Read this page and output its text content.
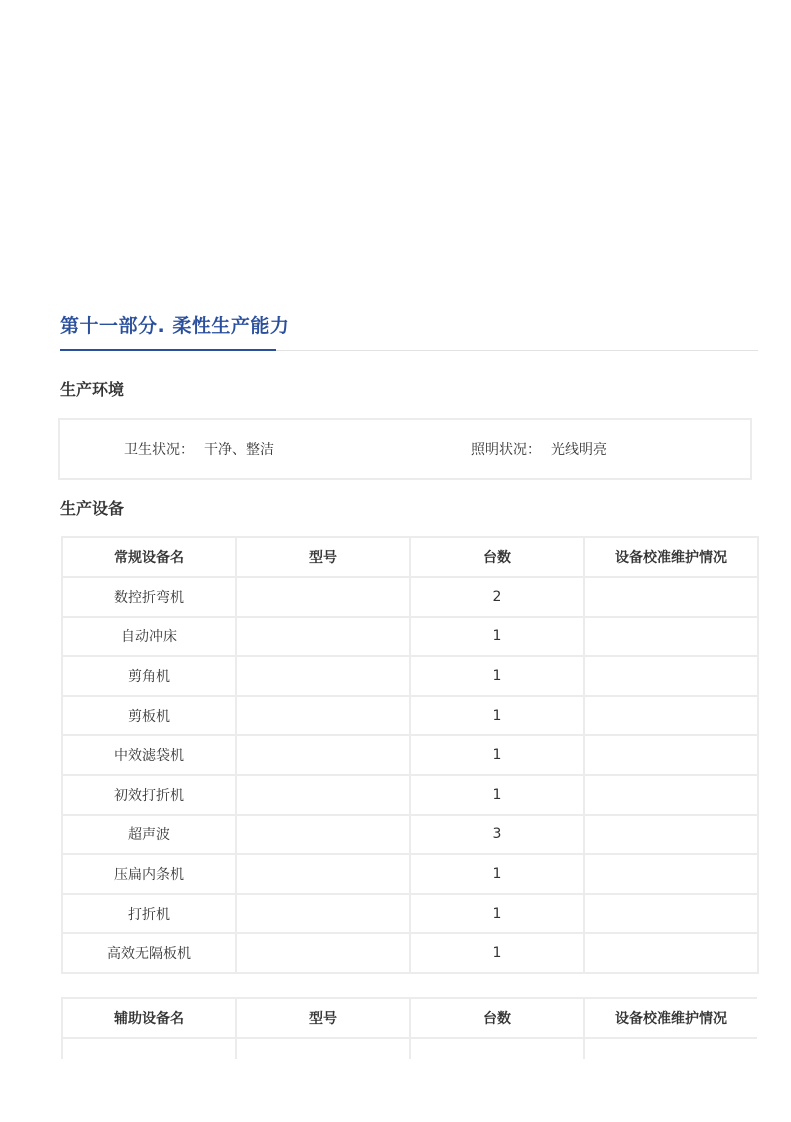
第十一部分. 柔性生产能力
生产环境
卫生状况： 干净、整洁	照明状况： 光线明亮
生产设备
常规设备名	型号	台数	设备校准维护情况
数控折弯机		2	
自动冲床		1	
剪角机		1	
剪板机		1	
中效滤袋机		1	
初效打折机		1	
超声波		3	
压扁内条机		1	
打折机		1	
高效无隔板机		1	
辅助设备名	型号	台数	设备校准维护情况
